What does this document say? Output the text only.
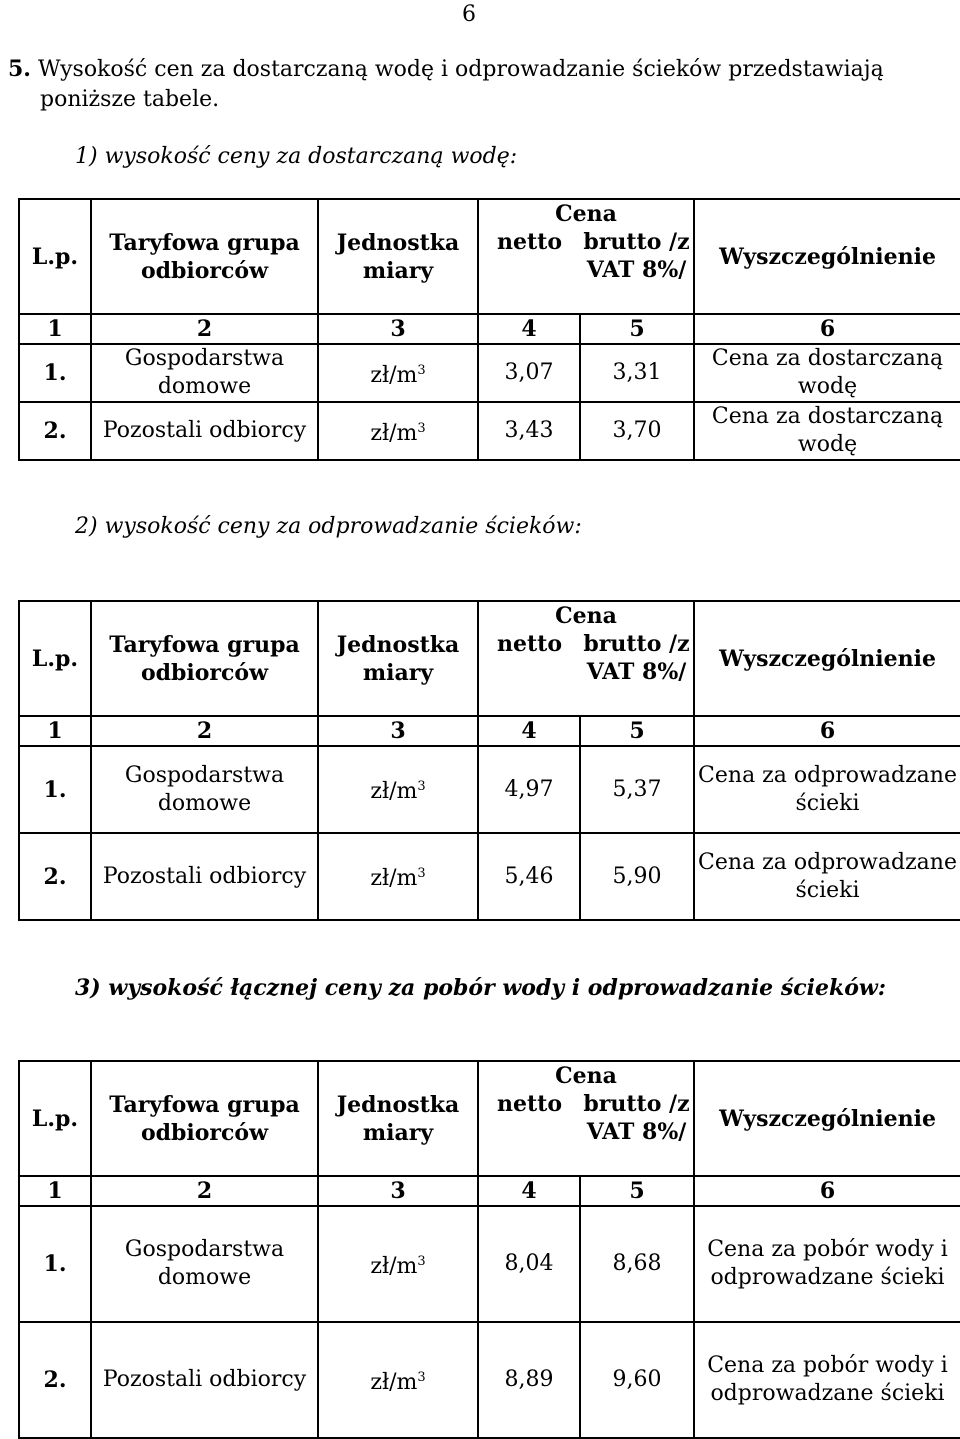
6
5. Wysokość cen za dostarczaną wodę i odprowadzanie ścieków przedstawiają
poniższe tabele.
1) wysokość ceny za dostarczaną wodę:
2) wysokość ceny za odprowadzanie ścieków:
3) wysokość łącznej ceny za pobór wody i odprowadzanie ścieków:
L.p.	Taryfowa grupa odbiorców	Jednostka miary	Cena		Wyszczególnienie
			netto	brutto /z VAT 8%/	

1	2	3	4	5	6
1.	Gospodarstwa domowe	$zł/m^3$	3,07	3,31	Cena za dostarczaną wodę
2.	Pozostali odbiorcy	$zł/m^3$	3,43	3,70	Cena za dostarczaną wodę
L.p.	Taryfowa grupa odbiorców	Jednostka miary	Cena		Wyszczególnienie
			netto	brutto /z VAT 8%/	

1	2	3	4	5	6
1.	Gospodarstwa domowe	$zł/m^3$	4,97	5,37	Cena za odprowadzane ścieki
2.	Pozostali odbiorcy	$zł/m^3$	5,46	5,90	Cena za odprowadzane ścieki
L.p.	Taryfowa grupa odbiorców	Jednostka miary	Cena		Wyszczególnienie
			netto	brutto /z VAT 8%/	

1	2	3	4	5	6
1.	Gospodarstwa domowe	$zł/m^3$	8,04	8,68	Cena za pobór wody i odprowadzane ścieki
2.	Pozostali odbiorcy	$zł/m^3$	8,89	9,60	Cena za pobór wody i odprowadzane ścieki
